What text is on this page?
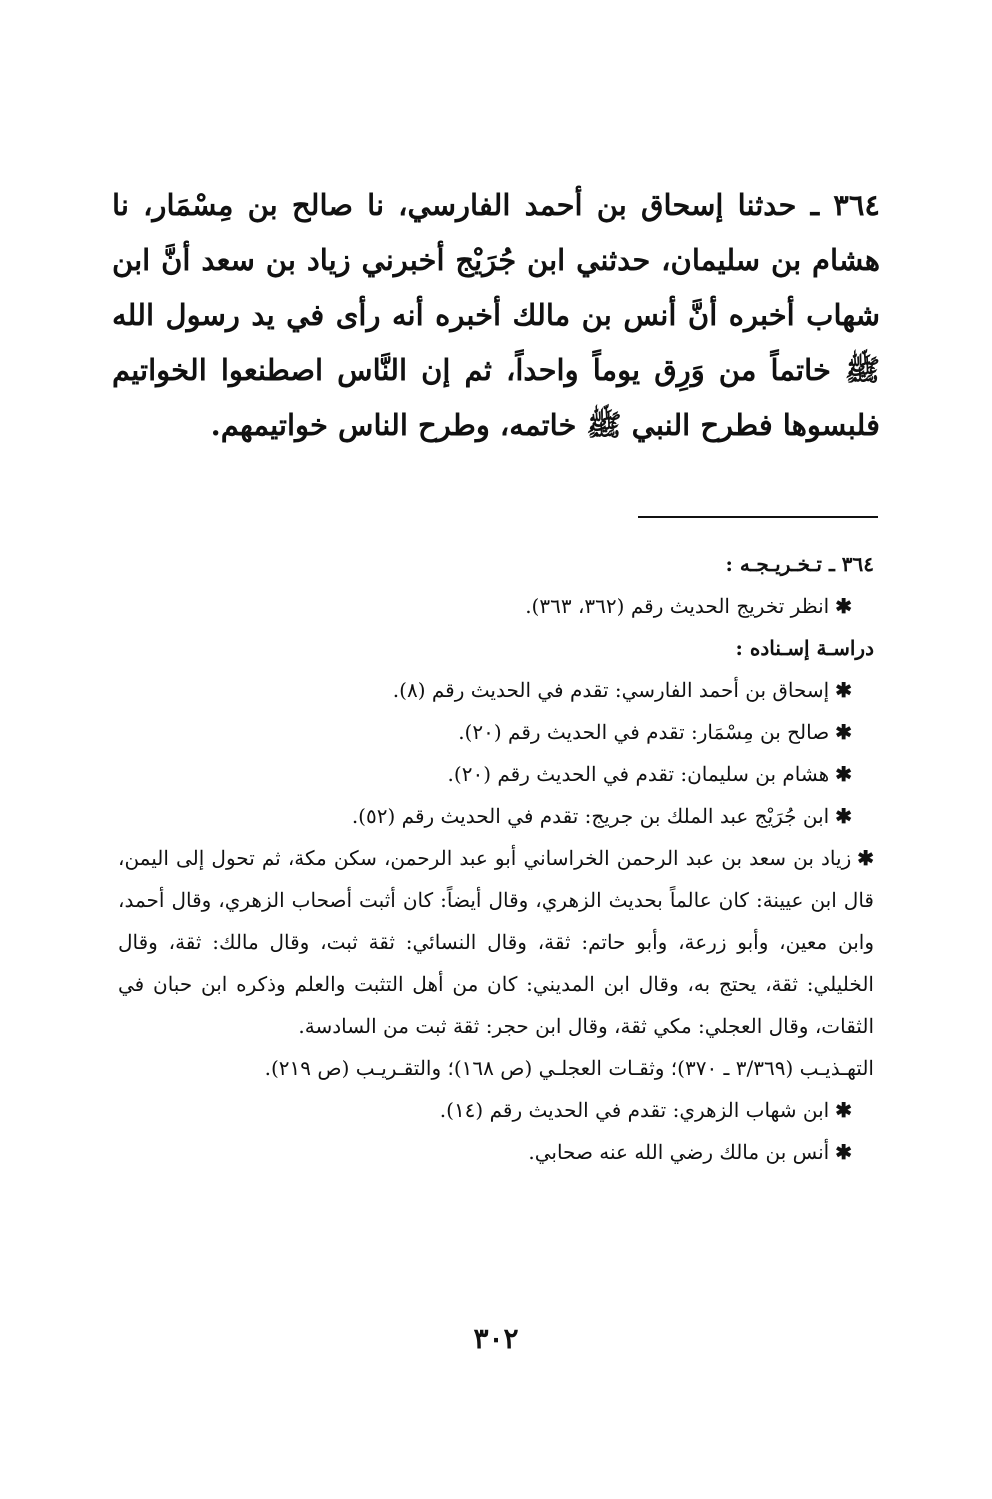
٣٦٤ ـ حدثنا إسحاق بن أحمد الفارسي، نا صالح بن مِسْمَار، نا هشام بن سليمان، حدثني ابن جُرَيْج أخبرني زياد بن سعد أنَّ ابن شهاب أخبره أنَّ أنس بن مالك أخبره أنه رأى في يد رسول الله ﷺ خاتماً من وَرِق يوماً واحداً، ثم إن النَّاس اصطنعوا الخواتيم فلبسوها فطرح النبي ﷺ خاتمه، وطرح الناس خواتيمهم.

٣٦٤ ـ تـخـريـجـه :

✱انظر تخريج الحديث رقم (٣٦٢، ٣٦٣).

دراسـة إسـناده :

✱إسحاق بن أحمد الفارسي: تقدم في الحديث رقم (٨).

✱صالح بن مِسْمَار: تقدم في الحديث رقم (٢٠).

✱هشام بن سليمان: تقدم في الحديث رقم (٢٠).

✱ابن جُرَيْج عبد الملك بن جريج: تقدم في الحديث رقم (٥٢).

✱زياد بن سعد بن عبد الرحمن الخراساني أبو عبد الرحمن، سكن مكة، ثم تحول إلى اليمن، قال ابن عيينة: كان عالماً بحديث الزهري، وقال أيضاً: كان أثبت أصحاب الزهري، وقال أحمد، وابن معين، وأبو زرعة، وأبو حاتم: ثقة، وقال النسائي: ثقة ثبت، وقال مالك: ثقة، وقال الخليلي: ثقة، يحتج به، وقال ابن المديني: كان من أهل التثبت والعلم وذكره ابن حبان في الثقات، وقال العجلي: مكي ثقة، وقال ابن حجر: ثقة ثبت من السادسة.

التهـذيـب (٣/٣٦٩ ـ ٣٧٠)؛ وثقـات العجلـي (ص ١٦٨)؛ والتقـريـب (ص ٢١٩).

✱ابن شهاب الزهري: تقدم في الحديث رقم (١٤).

✱أنس بن مالك رضي الله عنه صحابي.

٣٠٢
